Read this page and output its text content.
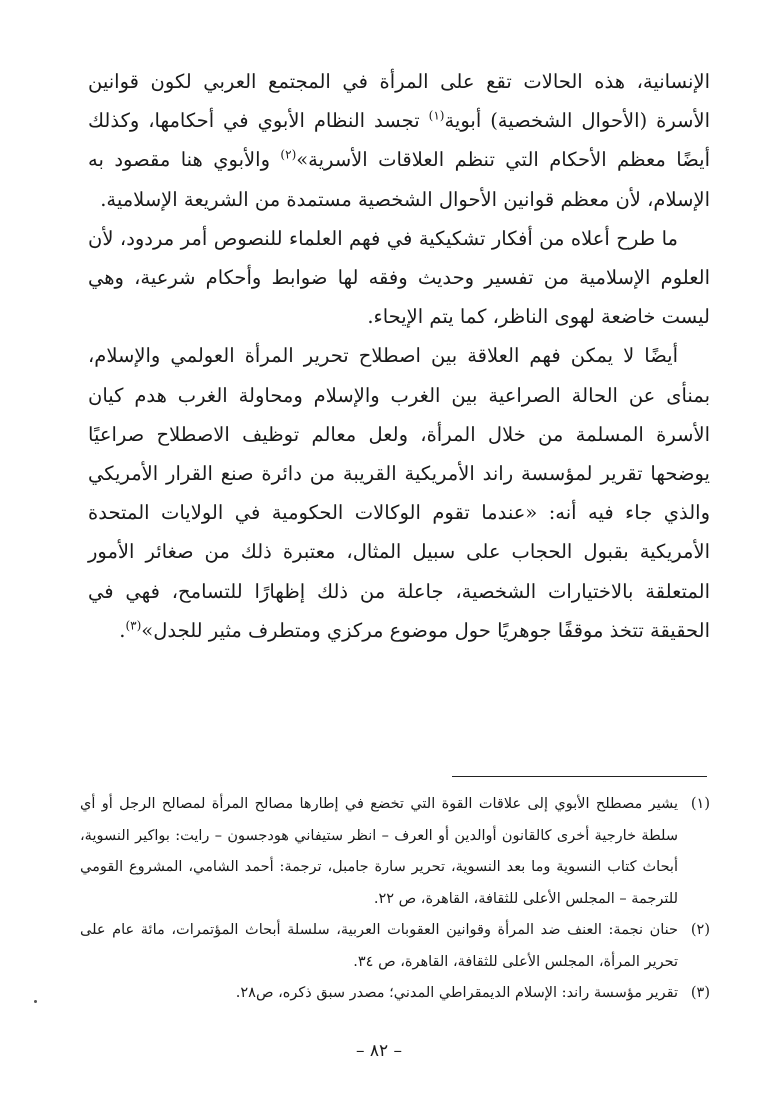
الإنسانية، هذه الحالات تقع على المرأة في المجتمع العربي لكون قوانين الأسرة (الأحوال الشخصية) أبوية$^{(١)}$ تجسد النظام الأبوي في أحكامها، وكذلك أيضًا معظم الأحكام التي تنظم العلاقات الأسرية»$^{(٢)}$ والأبوي هنا مقصود به الإسلام، لأن معظم قوانين الأحوال الشخصية مستمدة من الشريعة الإسلامية.

ما طرح أعلاه من أفكار تشكيكية في فهم العلماء للنصوص أمر مردود، لأن العلوم الإسلامية من تفسير وحديث وفقه لها ضوابط وأحكام شرعية، وهي ليست خاضعة لهوى الناظر، كما يتم الإيحاء.

أيضًا لا يمكن فهم العلاقة بين اصطلاح تحرير المرأة العولمي والإسلام، بمنأى عن الحالة الصراعية بين الغرب والإسلام ومحاولة الغرب هدم كيان الأسرة المسلمة من خلال المرأة، ولعل معالم توظيف الاصطلاح صراعيًا يوضحها تقرير لمؤسسة راند الأمريكية القريبة من دائرة صنع القرار الأمريكي والذي جاء فيه أنه: «عندما تقوم الوكالات الحكومية في الولايات المتحدة الأمريكية بقبول الحجاب على سبيل المثال، معتبرة ذلك من صغائر الأمور المتعلقة بالاختيارات الشخصية، جاعلة من ذلك إظهارًا للتسامح، فهي في الحقيقة تتخذ موقفًا جوهريًا حول موضوع مركزي ومتطرف مثير للجدل»$^{(٣)}$.

(١)
يشير مصطلح الأبوي إلى علاقات القوة التي تخضع في إطارها مصالح المرأة لمصالح الرجل أو أي سلطة خارجية أخرى كالقانون أوالدين أو العرف – انظر ستيفاني هودجسون – رايت: بواكير النسوية، أبحاث كتاب النسوية وما بعد النسوية، تحرير سارة جامبل، ترجمة: أحمد الشامي، المشروع القومي للترجمة – المجلس الأعلى للثقافة، القاهرة، ص ٢٢.
(٢)
حنان نجمة: العنف ضد المرأة وقوانين العقوبات العربية، سلسلة أبحاث المؤتمرات، مائة عام على تحرير المرأة، المجلس الأعلى للثقافة، القاهرة، ص ٣٤.
(٣)
تقرير مؤسسة راند: الإسلام الديمقراطي المدني؛ مصدر سبق ذكره، ص٢٨.
– ٨٢ –
